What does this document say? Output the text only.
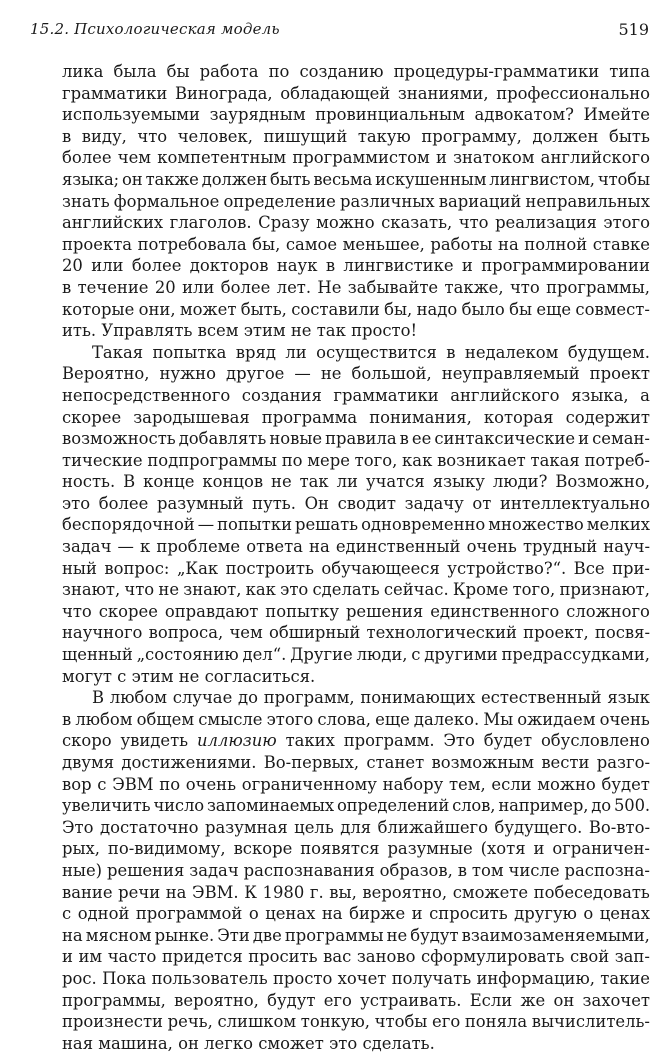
15.2. Психологическая модель	519
лика была бы работа по созданию процедуры-грамматики типа
грамматики Винограда, обладающей знаниями, профессионально
используемыми заурядным провинциальным адвокатом? Имейте
в виду, что человек, пишущий такую программу, должен быть
более чем компетентным программистом и знатоком английского
языка; он также должен быть весьма искушенным лингвистом, чтобы
знать формальное определение различных вариаций неправильных
английских глаголов. Сразу можно сказать, что реализация этого
проекта потребовала бы, самое меньшее, работы на полной ставке
20 или более докторов наук в лингвистике и программировании
в течение 20 или более лет. Не забывайте также, что программы,
которые они, может быть, составили бы, надо было бы еще совмест-
ить. Управлять всем этим не так просто!
Такая попытка вряд ли осуществится в недалеком будущем.
Вероятно, нужно другое — не большой, неуправляемый проект
непосредственного создания грамматики английского языка, а
скорее зародышевая программа понимания, которая содержит
возможность добавлять новые правила в ее синтаксические и семан-
тические подпрограммы по мере того, как возникает такая потреб-
ность. В конце концов не так ли учатся языку люди? Возможно,
это более разумный путь. Он сводит задачу от интеллектуально
беспорядочной — попытки решать одновременно множество мелких
задач — к проблеме ответа на единственный очень трудный науч-
ный вопрос: „Как построить обучающееся устройство?“. Все при-
знают, что не знают, как это сделать сейчас. Кроме того, признают,
что скорее оправдают попытку решения единственного сложного
научного вопроса, чем обширный технологический проект, посвя-
щенный „состоянию дел“. Другие люди, с другими предрассудками,
могут с этим не согласиться.
В любом случае до программ, понимающих естественный язык
в любом общем смысле этого слова, еще далеко. Мы ожидаем очень
скоро увидеть иллюзию таких программ. Это будет обусловлено
двумя достижениями. Во-первых, станет возможным вести разго-
вор с ЭВМ по очень ограниченному набору тем, если можно будет
увеличить число запоминаемых определений слов, например, до 500.
Это достаточно разумная цель для ближайшего будущего. Во-вто-
рых, по-видимому, вскоре появятся разумные (хотя и ограничен-
ные) решения задач распознавания образов, в том числе распозна-
вание речи на ЭВМ. К 1980 г. вы, вероятно, сможете побеседовать
с одной программой о ценах на бирже и спросить другую о ценах
на мясном рынке. Эти две программы не будут взаимозаменяемыми,
и им часто придется просить вас заново сформулировать свой зап-
рос. Пока пользователь просто хочет получать информацию, такие
программы, вероятно, будут его устраивать. Если же он захочет
произнести речь, слишком тонкую, чтобы его поняла вычислитель-
ная машина, он легко сможет это сделать.
